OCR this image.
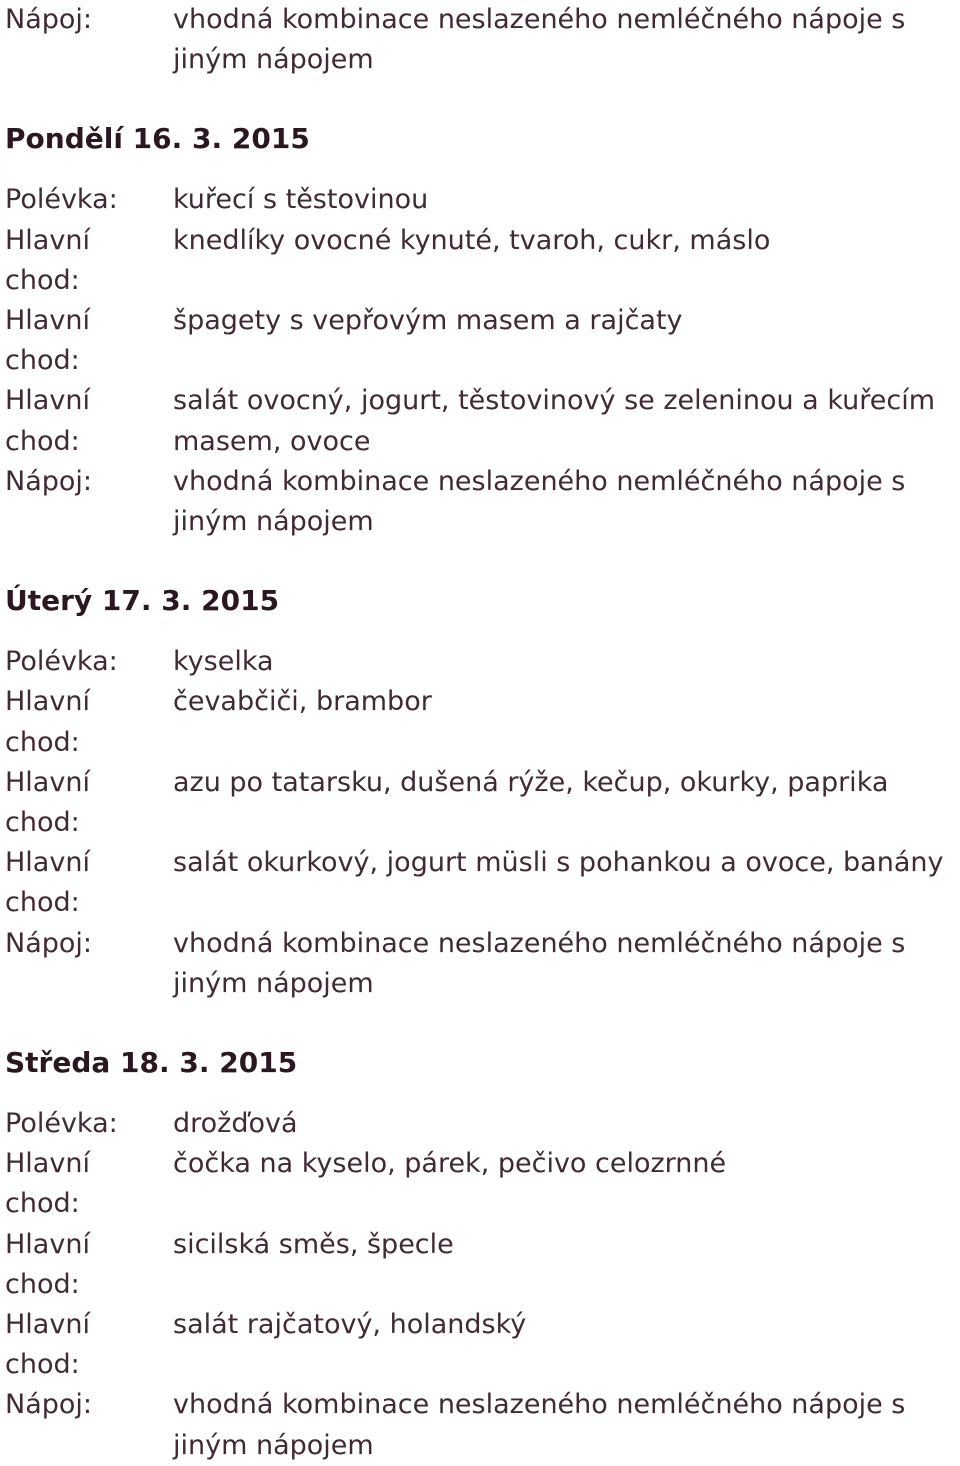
Nápoj:	vhodná kombinace neslazeného nemléčného nápoje s jiným nápojem
Pondělí 16. 3. 2015
Polévka:	kuřecí s těstovinou
Hlavní chod:
knedlíky ovocné kynuté, tvaroh, cukr, máslo
Hlavní chod:
špagety s vepřovým masem a rajčaty
Hlavní chod:
salát ovocný, jogurt, těstovinový se zeleninou a kuřecím masem, ovoce
Nápoj:	vhodná kombinace neslazeného nemléčného nápoje s jiným nápojem
Úterý 17. 3. 2015
Polévka:	kyselka
Hlavní chod:
čevabčiči, brambor
Hlavní chod:
azu po tatarsku, dušená rýže, kečup, okurky, paprika
Hlavní chod:
salát okurkový, jogurt müsli s pohankou a ovoce, banány
Nápoj:	vhodná kombinace neslazeného nemléčného nápoje s jiným nápojem
Středa 18. 3. 2015
Polévka:	drožďová
Hlavní chod:
čočka na kyselo, párek, pečivo celozrnné
Hlavní chod:
sicilská směs, špecle
Hlavní chod:
salát rajčatový, holandský
Nápoj:	vhodná kombinace neslazeného nemléčného nápoje s jiným nápojem
